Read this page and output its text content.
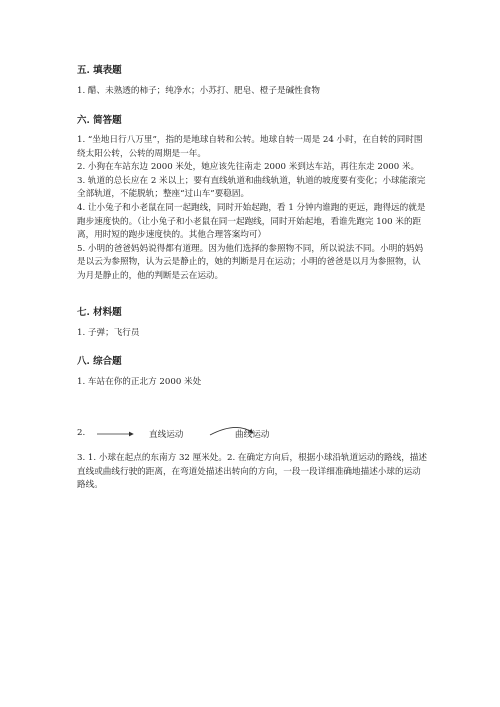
五. 填表题

1. 醋、未熟透的柿子；纯净水；小苏打、肥皂、橙子是碱性食物

六. 简答题

1. “坐地日行八万里”，指的是地球自转和公转。地球自转一周是 24 小时，在自转的同时围绕太阳公转，公转的周期是一年。

2. 小狗在车站东边 2000 米处，她应该先往南走 2000 米到达车站，再往东走 2000 米。

3. 轨道的总长应在 2 米以上；要有直线轨道和曲线轨道，轨道的坡度要有变化；小球能滚完全部轨道，不能脱轨；整座“过山车”要稳固。

4. 让小兔子和小老鼠在同一起跑线，同时开始起跑，看 1 分钟内谁跑的更远，跑得远的就是跑步速度快的。（让小兔子和小老鼠在同一起跑线，同时开始起地，看谁先跑完 100 米的距离，用时短的跑步速度快的。其他合理答案均可）

5. 小明的爸爸妈妈说得都有道理。因为他们选择的参照物不同，所以说法不同。小明的妈妈是以云为参照物，认为云是静止的，她的判断是月在运动；小明的爸爸是以月为参照物，认为月是静止的，他的判断是云在运动。

七. 材料题

1. 子弹；飞行员

八. 综合题

1. 车站在你的正北方 2000 米处

2.	直线运动	曲线运动

3. 1. 小球在起点的东南方 32 厘米处。2. 在确定方向后，根据小球沿轨道运动的路线，描述直线或曲线行驶的距离，在弯道处描述出转向的方向，一段一段详细准确地描述小球的运动路线。
